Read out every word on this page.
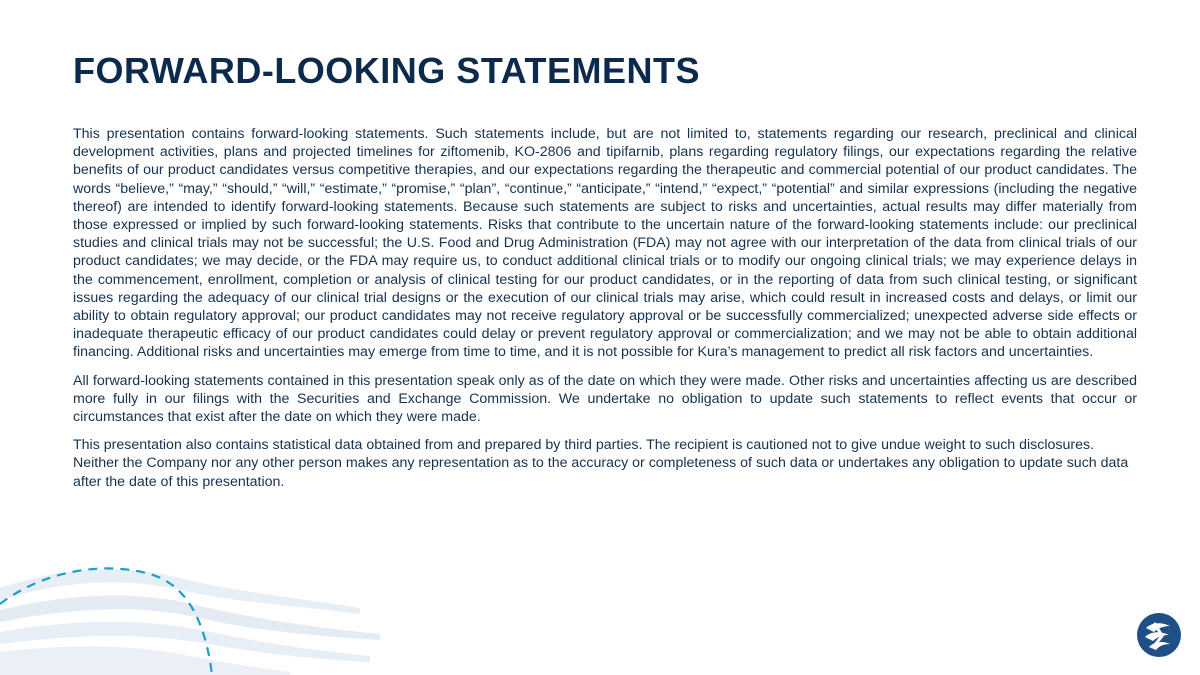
FORWARD-LOOKING STATEMENTS

This presentation contains forward-looking statements. Such statements include, but are not limited to, statements regarding our research, preclinical and clinical development activities, plans and projected timelines for ziftomenib, KO-2806 and tipifarnib, plans regarding regulatory filings, our expectations regarding the relative benefits of our product candidates versus competitive therapies, and our expectations regarding the therapeutic and commercial potential of our product candidates. The words “believe,” “may,” “should,” “will,” “estimate,” “promise,” “plan”, “continue,” “anticipate,” “intend,” “expect,” “potential” and similar expressions (including the negative thereof) are intended to identify forward-looking statements. Because such statements are subject to risks and uncertainties, actual results may differ materially from those expressed or implied by such forward-looking statements. Risks that contribute to the uncertain nature of the forward-looking statements include: our preclinical studies and clinical trials may not be successful; the U.S. Food and Drug Administration (FDA) may not agree with our interpretation of the data from clinical trials of our product candidates; we may decide, or the FDA may require us, to conduct additional clinical trials or to modify our ongoing clinical trials; we may experience delays in the commencement, enrollment, completion or analysis of clinical testing for our product candidates, or in the reporting of data from such clinical testing, or significant issues regarding the adequacy of our clinical trial designs or the execution of our clinical trials may arise, which could result in increased costs and delays, or limit our ability to obtain regulatory approval; our product candidates may not receive regulatory approval or be successfully commercialized; unexpected adverse side effects or inadequate therapeutic efficacy of our product candidates could delay or prevent regulatory approval or commercialization; and we may not be able to obtain additional financing. Additional risks and uncertainties may emerge from time to time, and it is not possible for Kura’s management to predict all risk factors and uncertainties.

All forward-looking statements contained in this presentation speak only as of the date on which they were made. Other risks and uncertainties affecting us are described more fully in our filings with the Securities and Exchange Commission. We undertake no obligation to update such statements to reflect events that occur or circumstances that exist after the date on which they were made.

This presentation also contains statistical data obtained from and prepared by third parties. The recipient is cautioned not to give undue weight to such disclosures. Neither the Company nor any other person makes any representation as to the accuracy or completeness of such data or undertakes any obligation to update such data after the date of this presentation.
